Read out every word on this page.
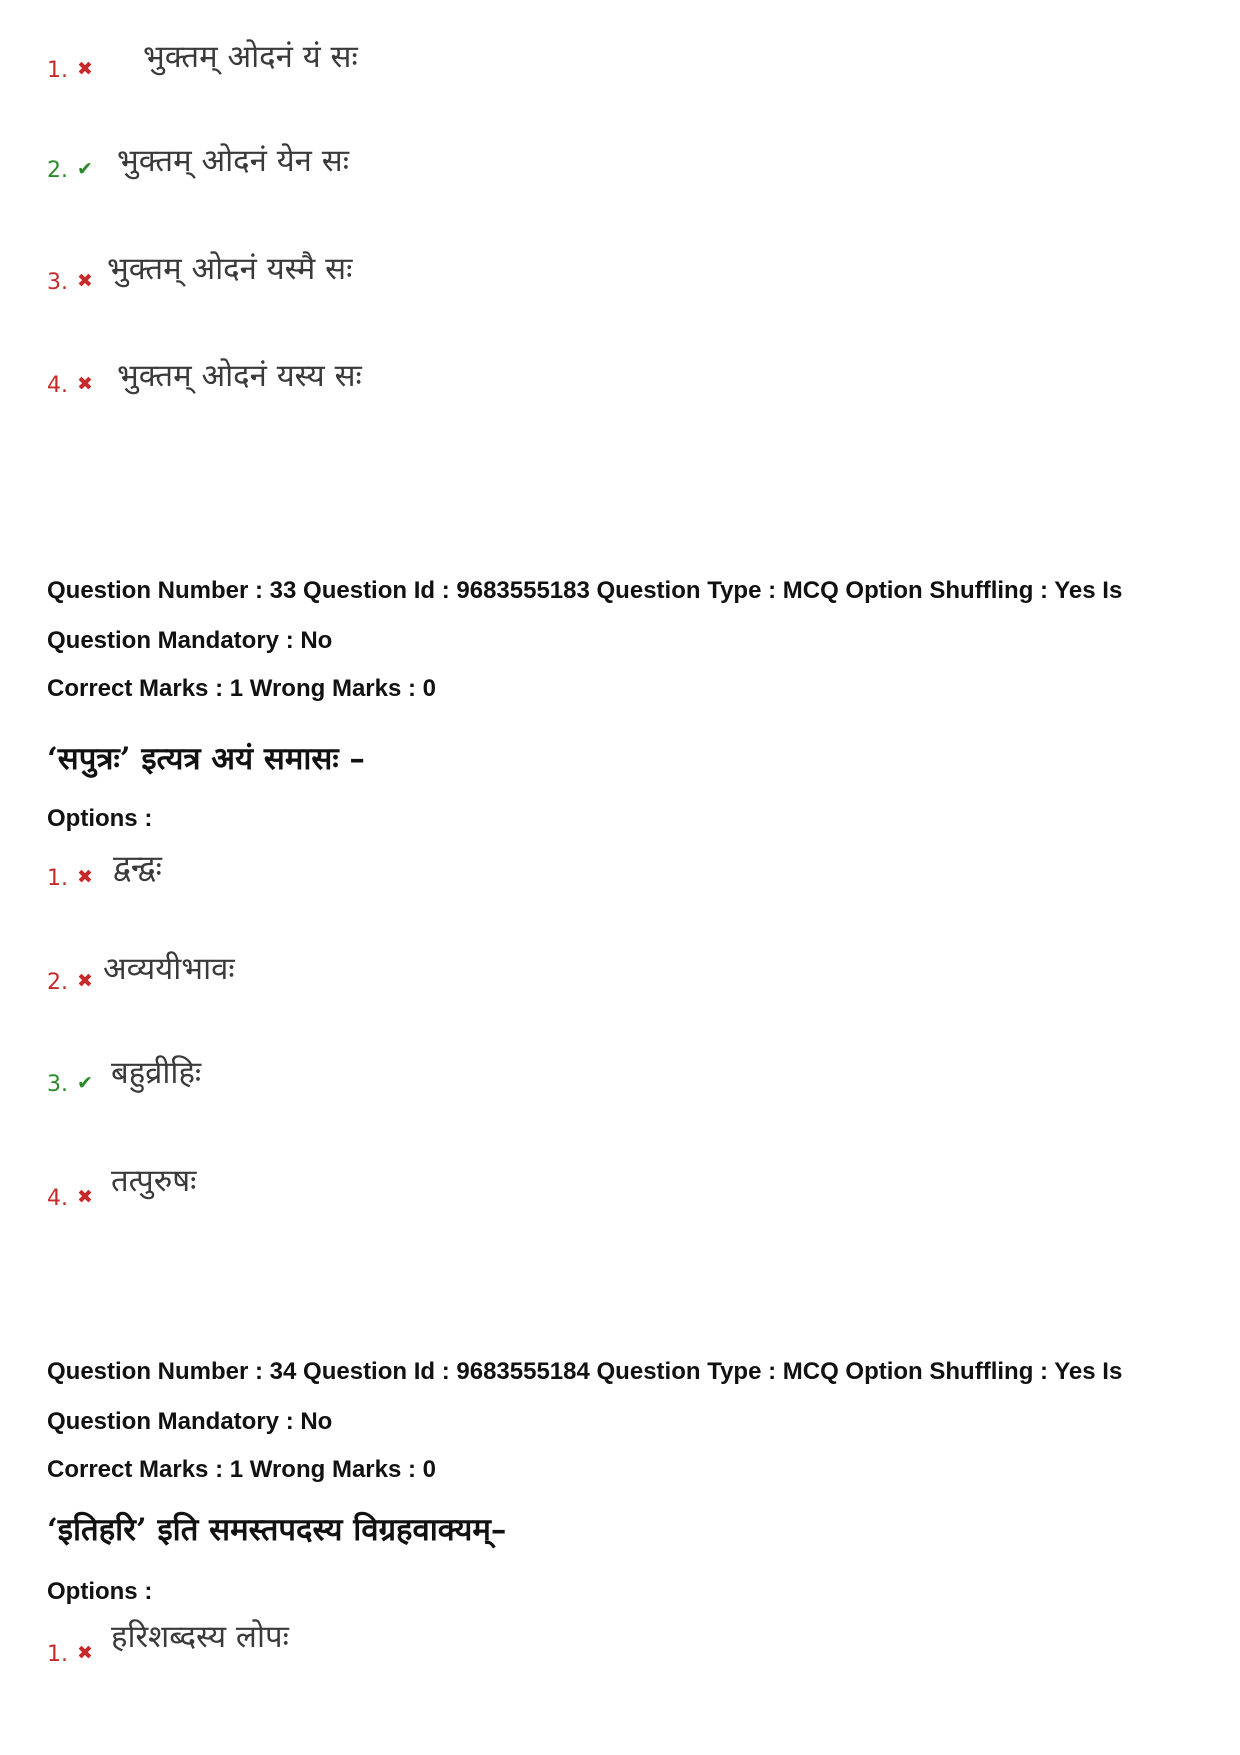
1. ✖ भुक्तम् ओदनं यं सः
2. ✔ भुक्तम् ओदनं येन सः
3. ✖ भुक्तम् ओदनं यस्मै सः
4. ✖ भुक्तम् ओदनं यस्य सः
Question Number : 33 Question Id : 9683555183 Question Type : MCQ Option Shuffling : Yes Is
Question Mandatory : No
Correct Marks : 1 Wrong Marks : 0
‘सपुत्रः’ इत्यत्र अयं समासः –
Options :
1. ✖ द्वन्द्वः
2. ✖ अव्ययीभावः
3. ✔ बहुव्रीहिः
4. ✖ तत्पुरुषः
Question Number : 34 Question Id : 9683555184 Question Type : MCQ Option Shuffling : Yes Is
Question Mandatory : No
Correct Marks : 1 Wrong Marks : 0
‘इतिहरि’ इति समस्तपदस्य विग्रहवाक्यम्–
Options :
1. ✖ हरिशब्दस्य लोपः
